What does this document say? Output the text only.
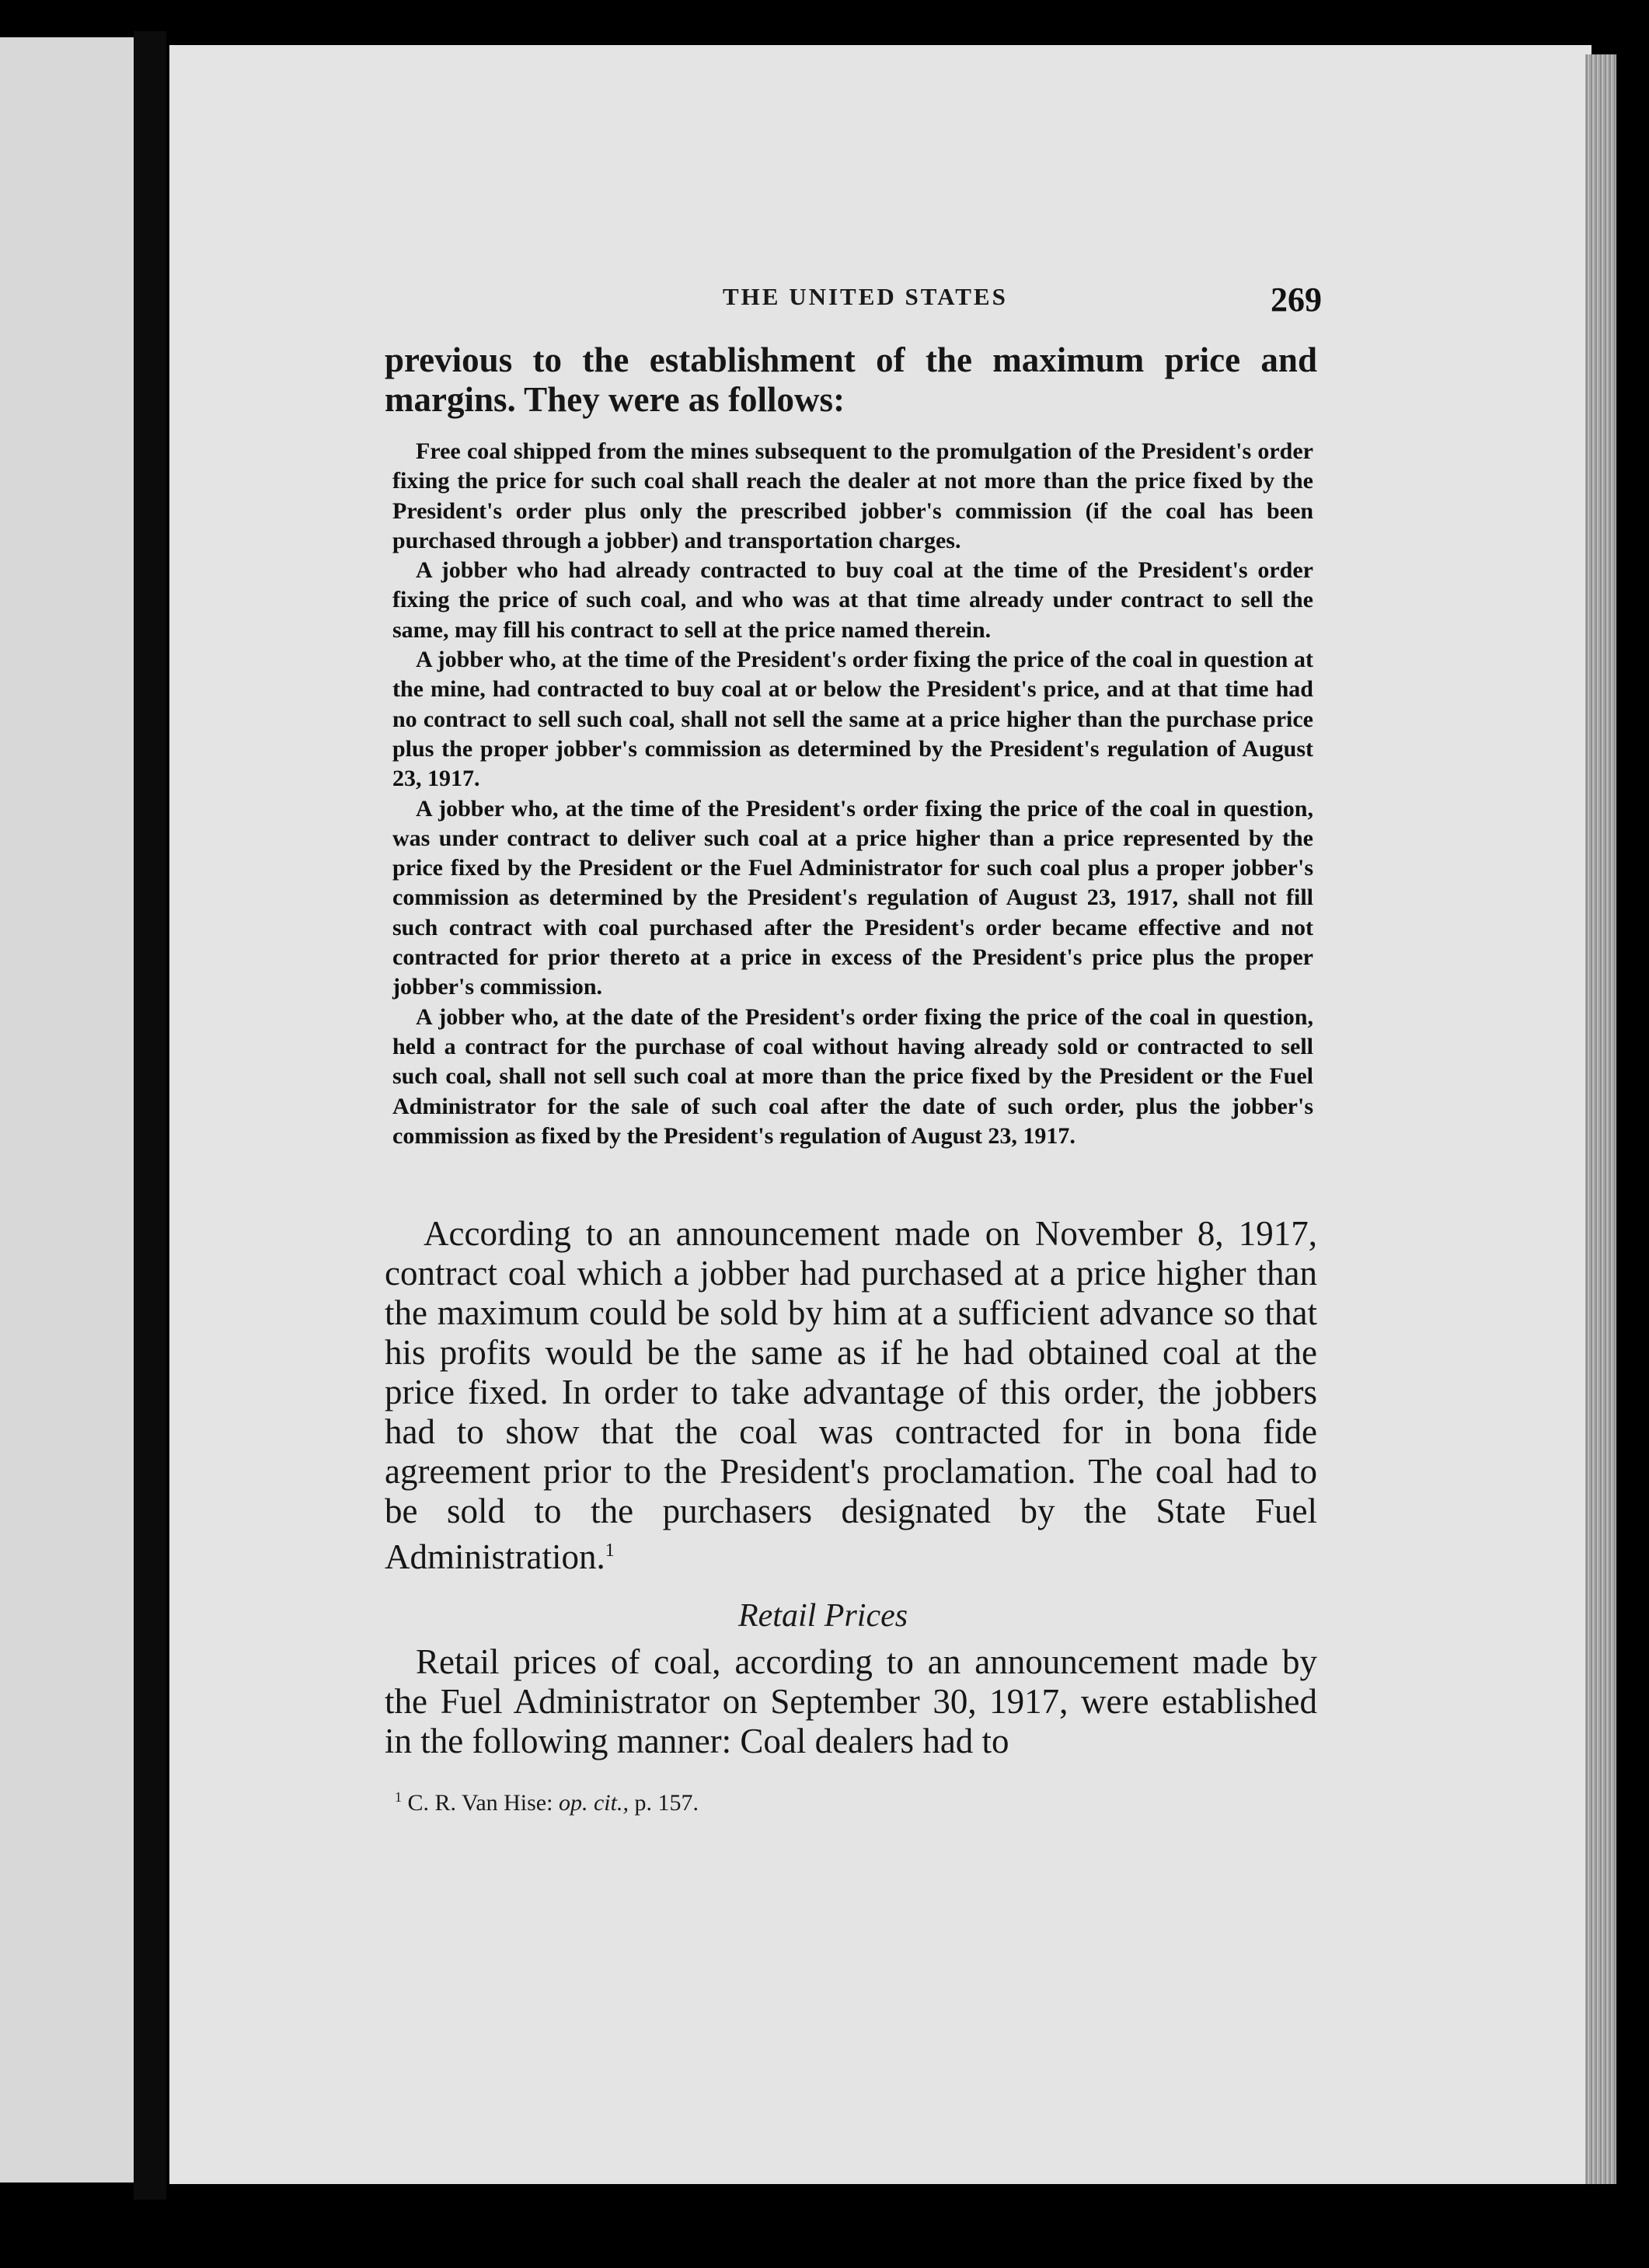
THE UNITED STATES	269

previous to the establishment of the maximum price and margins. They were as follows:

Free coal shipped from the mines subsequent to the promulgation of the President's order fixing the price for such coal shall reach the dealer at not more than the price fixed by the President's order plus only the prescribed jobber's commission (if the coal has been purchased through a jobber) and transportation charges.

A jobber who had already contracted to buy coal at the time of the President's order fixing the price of such coal, and who was at that time already under contract to sell the same, may fill his contract to sell at the price named therein.

A jobber who, at the time of the President's order fixing the price of the coal in question at the mine, had contracted to buy coal at or below the President's price, and at that time had no contract to sell such coal, shall not sell the same at a price higher than the purchase price plus the proper jobber's commission as determined by the President's regulation of August 23, 1917.

A jobber who, at the time of the President's order fixing the price of the coal in question, was under contract to deliver such coal at a price higher than a price represented by the price fixed by the President or the Fuel Administrator for such coal plus a proper jobber's commission as determined by the President's regulation of August 23, 1917, shall not fill such contract with coal purchased after the President's order became effective and not contracted for prior thereto at a price in excess of the President's price plus the proper jobber's commission.

A jobber who, at the date of the President's order fixing the price of the coal in question, held a contract for the purchase of coal without having already sold or contracted to sell such coal, shall not sell such coal at more than the price fixed by the President or the Fuel Administrator for the sale of such coal after the date of such order, plus the jobber's commission as fixed by the President's regulation of August 23, 1917.

According to an announcement made on November 8, 1917, contract coal which a jobber had purchased at a price higher than the maximum could be sold by him at a sufficient advance so that his profits would be the same as if he had obtained coal at the price fixed. In order to take advantage of this order, the jobbers had to show that the coal was contracted for in bona fide agreement prior to the President's proclamation. The coal had to be sold to the purchasers designated by the State Fuel Administration.$^1$

Retail Prices

Retail prices of coal, according to an announcement made by the Fuel Administrator on September 30, 1917, were established in the following manner: Coal dealers had to

$^1$ C. R. Van Hise: op. cit., p. 157.
